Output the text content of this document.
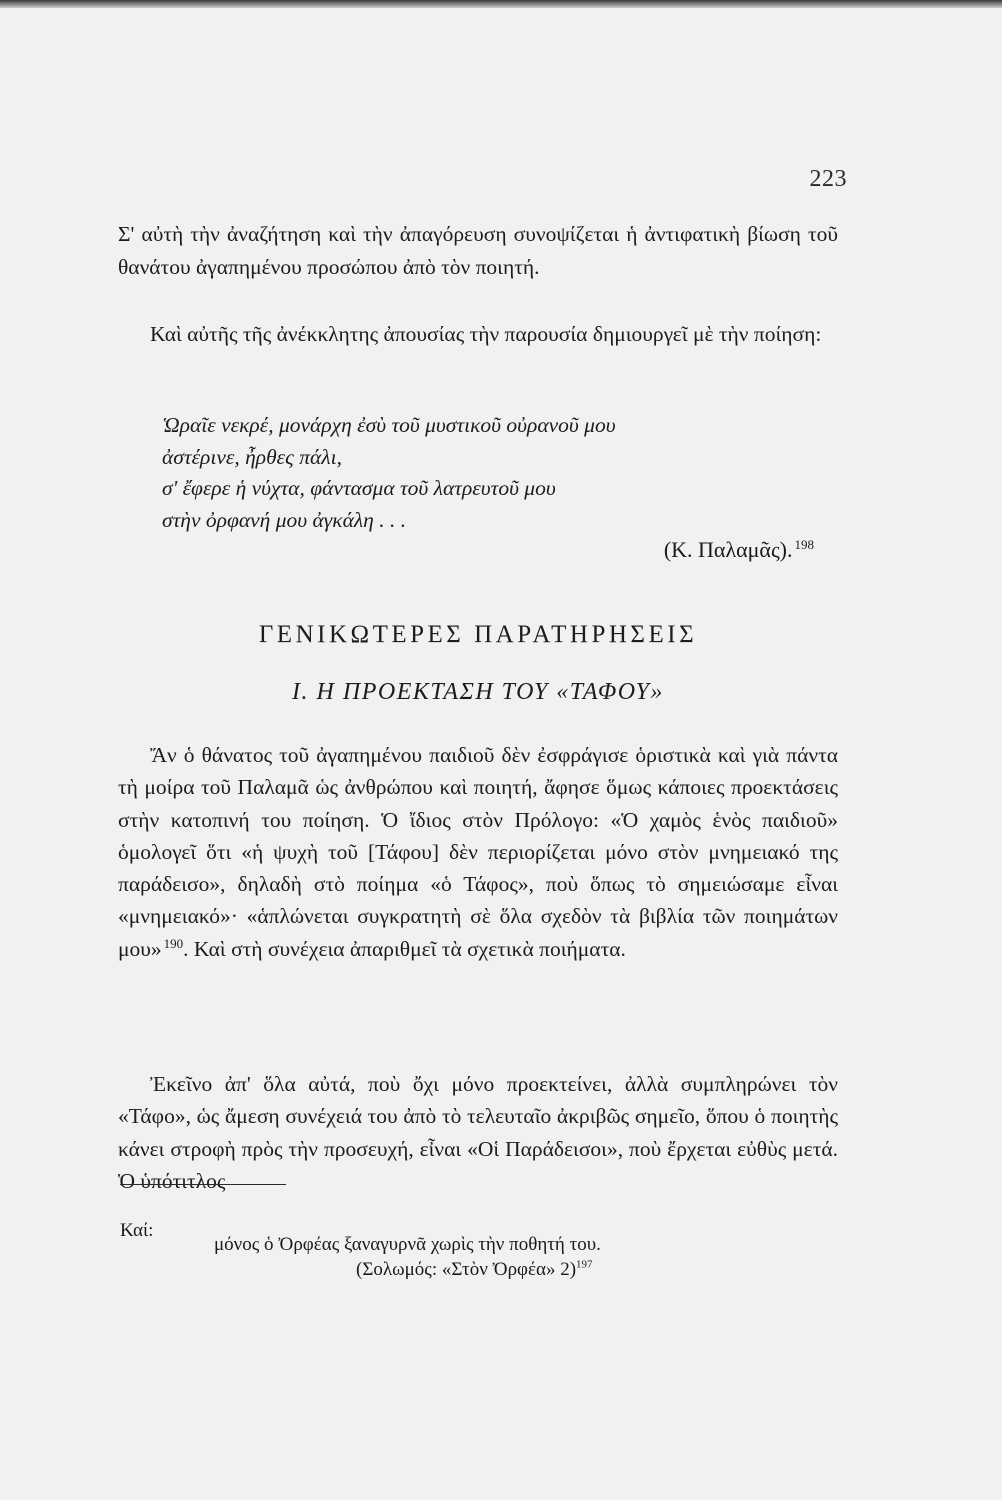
223
Σ' αὐτὴ τὴν ἀναζήτηση καὶ τὴν ἀπαγόρευση συνοψίζεται ἡ ἀντιφατικὴ βίωση τοῦ θανάτου ἀγαπημένου προσώπου ἀπὸ τὸν ποιητή.
Καὶ αὐτῆς τῆς ἀνέκκλητης ἀπουσίας τὴν παρουσία δημιουργεῖ μὲ τὴν ποίηση:
Ὡραῖε νεκρέ, μονάρχη ἐσὺ τοῦ μυστικοῦ οὐρανοῦ μου
ἀστέρινε, ἦρθες πάλι,
σ' ἔφερε ἡ νύχτα, φάντασμα τοῦ λατρευτοῦ μου
στὴν ὀρφανή μου ἀγκάλη . . .
(Κ. Παλαμᾶς). $^{198}$
ΓΕΝΙΚΩΤΕΡΕΣ ΠΑΡΑΤΗΡΗΣΕΙΣ
Ι. Η ΠΡΟΕΚΤΑΣΗ ΤΟΥ «ΤΑΦΟΥ»
Ἄν ὁ θάνατος τοῦ ἀγαπημένου παιδιοῦ δὲν ἐσφράγισε ὁριστικὰ καὶ γιὰ πάντα τὴ μοίρα τοῦ Παλαμᾶ ὡς ἀνθρώπου καὶ ποιητή, ἄφησε ὅμως κάποιες προεκτάσεις στὴν κατοπινή του ποίηση. Ὁ ἴδιος στὸν Πρόλογο: «Ὁ χαμὸς ἑνὸς παιδιοῦ» ὁμολογεῖ ὅτι «ἡ ψυχὴ τοῦ [Τάφου] δὲν περιορίζεται μόνο στὸν μνημειακό της παράδεισο», δηλαδὴ στὸ ποίημα «ὁ Τάφος», ποὺ ὅπως τὸ σημειώσαμε εἶναι «μνημειακό»· «ἁπλώνεται συγκρατητὴ σὲ ὅλα σχεδὸν τὰ βιβλία τῶν ποιημάτων μου» $^{190}$. Καὶ στὴ συνέχεια ἀπαριθμεῖ τὰ σχετικὰ ποιήματα.
Ἐκεῖνο ἀπ' ὅλα αὐτά, ποὺ ὄχι μόνο προεκτείνει, ἀλλὰ συμπληρώνει τὸν «Τάφο», ὡς ἄμεση συνέχειά του ἀπὸ τὸ τελευταῖο ἀκριβῶς σημεῖο, ὅπου ὁ ποιητὴς κάνει στροφὴ πρὸς τὴν προσευχή, εἶναι «Οἱ Παράδεισοι», ποὺ ἔρχεται εὐθὺς μετά. Ὁ ὑπότιτλος
Καί:
μόνος ὁ Ὀρφέας ξαναγυρνᾶ χωρὶς τὴν ποθητή του.
(Σολωμός: «Στὸν Ὀρφέα» 2)$^{197}$
